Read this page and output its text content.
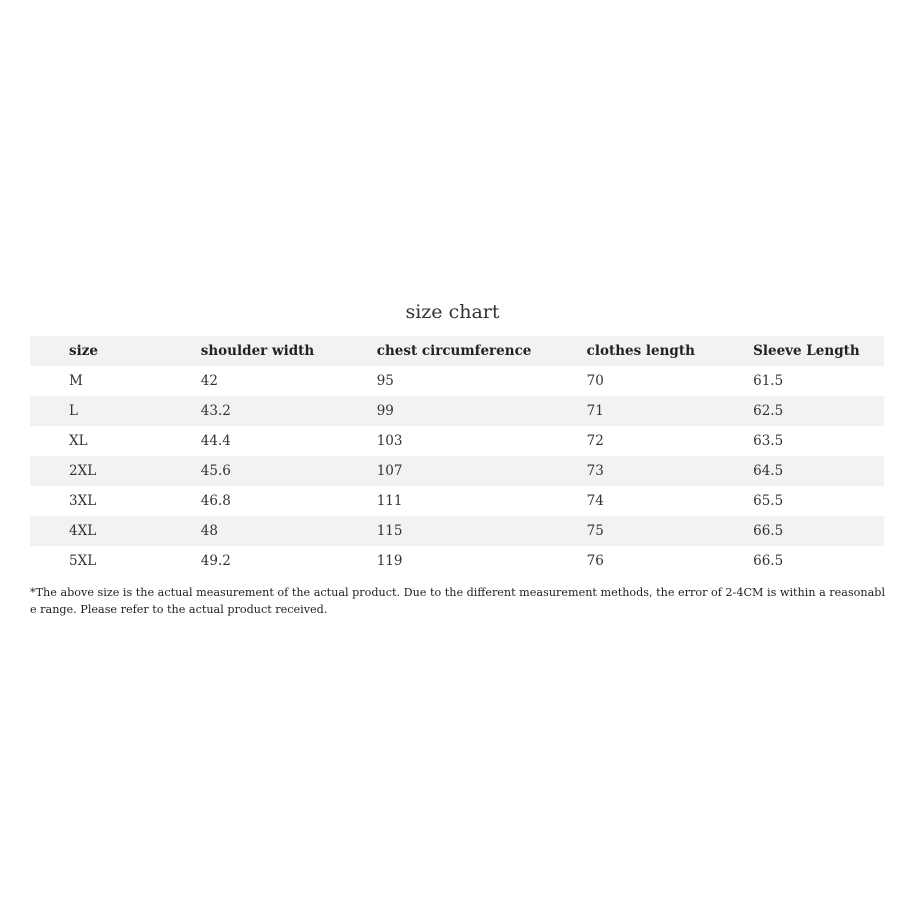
size chart
size	shoulder width	chest circumference	clothes length	Sleeve Length
M	42	95	70	61.5
L	43.2	99	71	62.5
XL	44.4	103	72	63.5
2XL	45.6	107	73	64.5
3XL	46.8	111	74	65.5
4XL	48	115	75	66.5
5XL	49.2	119	76	66.5
*The above size is the actual measurement of the actual product. Due to the different measurement methods, the error of 2-4CM is within a reasonable range. Please refer to the actual product received.
